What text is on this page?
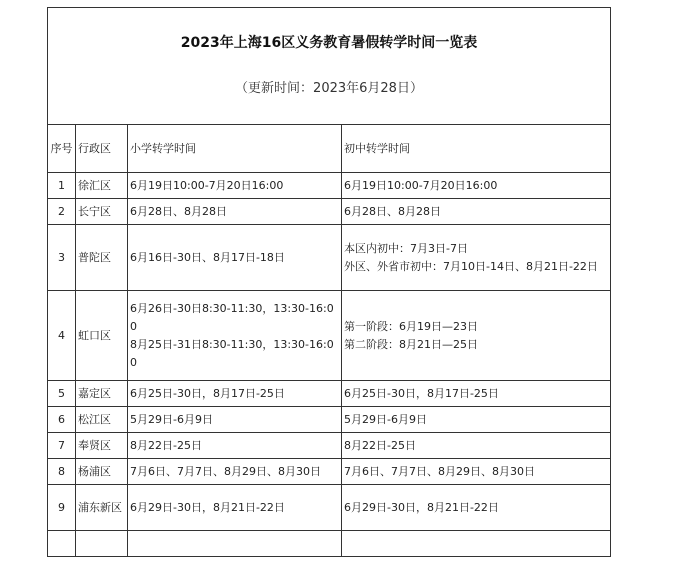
2023年上海16区义务教育暑假转学时间一览表
（更新时间：2023年6月28日）			

序号	行政区	小学转学时间	初中转学时间
1	徐汇区	6月19日10:00-7月20日16:00	6月19日10:00-7月20日16:00

2	长宁区	6月28日、8月28日	6月28日、8月28日

3	普陀区	6月16日-30日、8月17日-18日	本区内初中：7月3日-7日
外区、外省市初中：7月10日-14日、8月21日-22日

4	虹口区	6月26日-30日8:30-11:30，13:30-16:00
8月25日-31日8:30-11:30，13:30-16:00	第一阶段：6月19日—23日
第二阶段：8月21日—25日

5	嘉定区	6月25日-30日，8月17日-25日	6月25日-30日，8月17日-25日

6	松江区	5月29日-6月9日	5月29日-6月9日

7	奉贤区	8月22日-25日	8月22日-25日

8	杨浦区	7月6日、7月7日、8月29日、8月30日	7月6日、7月7日、8月29日、8月30日

9	浦东新区	6月29日-30日，8月21日-22日	6月29日-30日，8月21日-22日
